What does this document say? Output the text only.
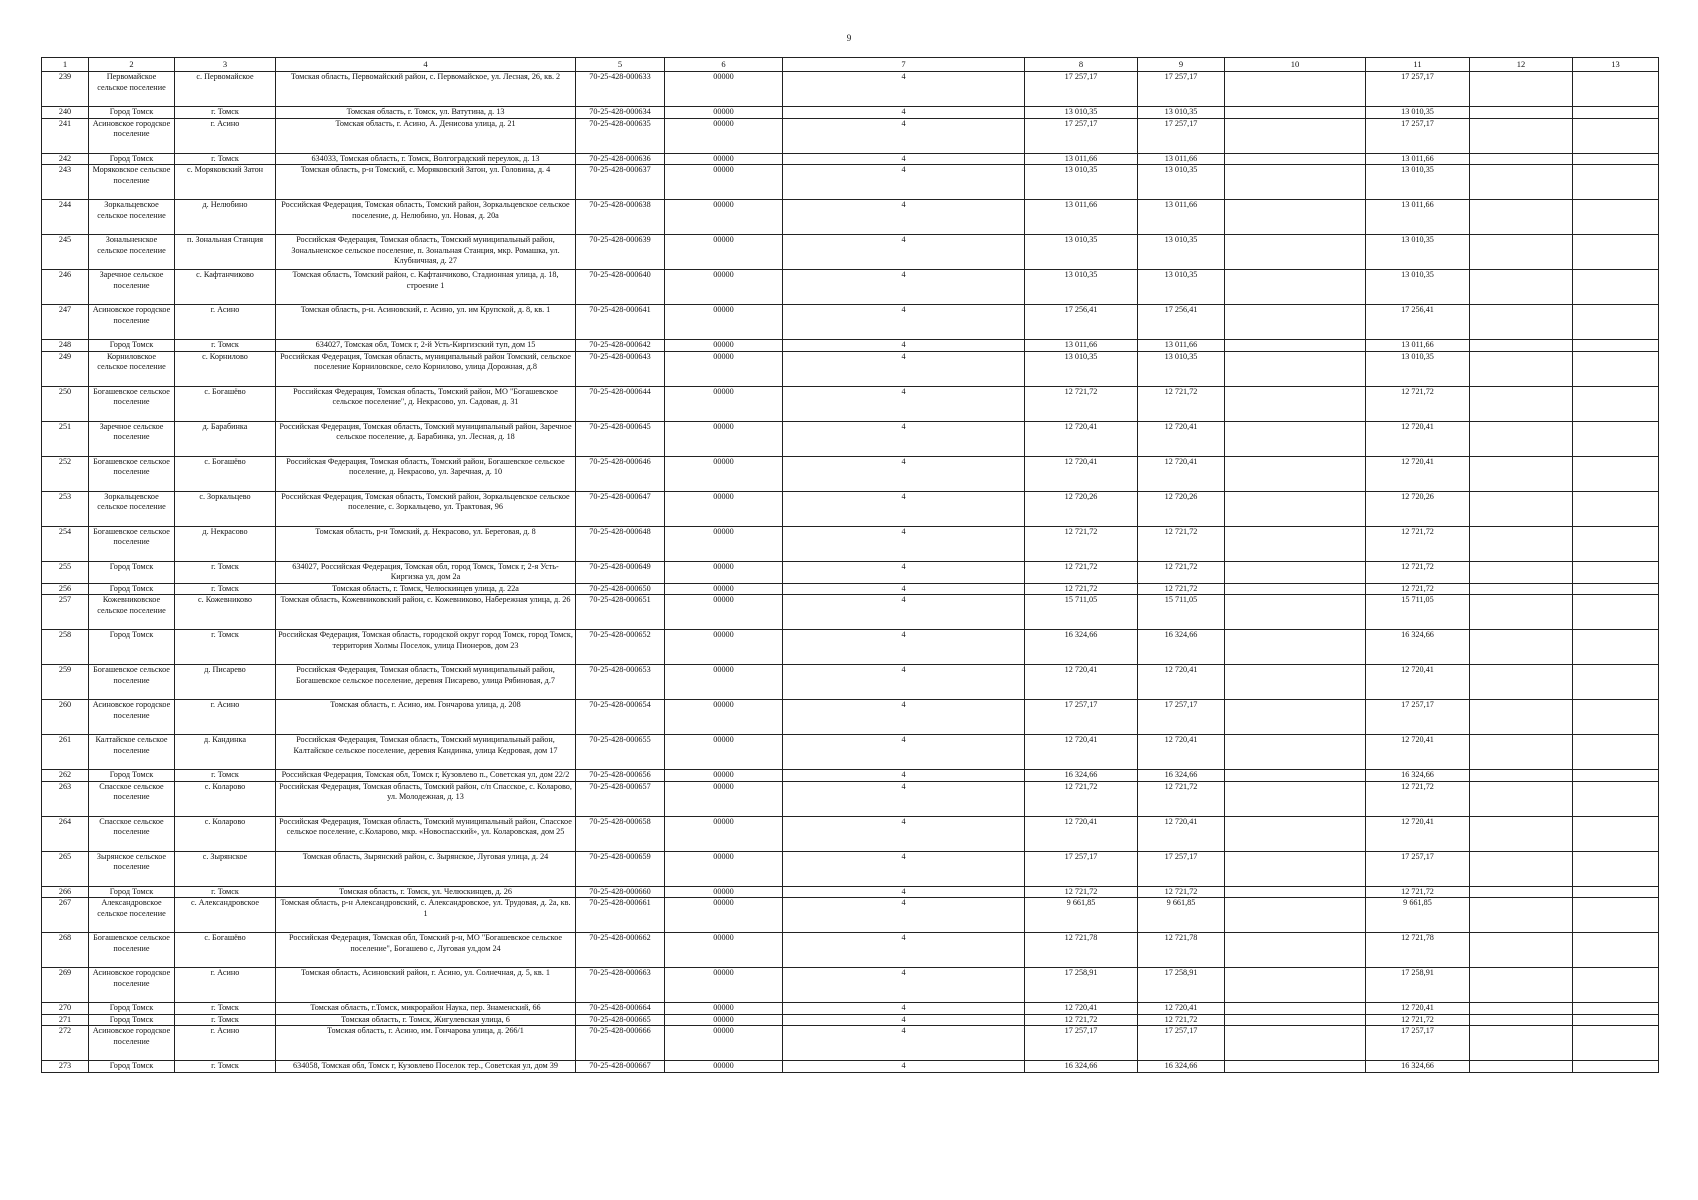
9
1	2	3	4	5	6	7	8	9	10	11	12	13
239	Первомайское сельское поселение	с. Первомайское	Томская область, Первомайский район, с. Первомайское, ул. Лесная, 26, кв. 2	70-25-428-000633	00000	4	17 257,17	17 257,17		17 257,17		
240	Город Томск	г. Томск	Томская область, г. Томск, ул. Ватутина, д. 13	70-25-428-000634	00000	4	13 010,35	13 010,35		13 010,35		
241	Асиновское городское поселение	г. Асино	Томская область, г. Асино, А. Денисова улица, д. 21	70-25-428-000635	00000	4	17 257,17	17 257,17		17 257,17		
242	Город Томск	г. Томск	634033, Томская область, г. Томск, Волгоградский переулок, д. 13	70-25-428-000636	00000	4	13 011,66	13 011,66		13 011,66		
243	Моряковское сельское поселение	с. Моряковский Затон	Томская область, р-н Томский, с. Моряковский Затон, ул. Головина, д. 4	70-25-428-000637	00000	4	13 010,35	13 010,35		13 010,35		
244	Зоркальцевское сельское поселение	д. Нелюбино	Российская Федерация, Томская область, Томский район, Зоркальцевское сельское поселение, д. Нелюбино, ул. Новая, д. 20а	70-25-428-000638	00000	4	13 011,66	13 011,66		13 011,66		
245	Зональненское сельское поселение	п. Зональная Станция	Российская Федерация, Томская область, Томский муниципальный район, Зональненское сельское поселение, п. Зональная Станция, мкр. Ромашка, ул. Клубничная, д. 27	70-25-428-000639	00000	4	13 010,35	13 010,35		13 010,35		
246	Заречное сельское поселение	с. Кафтанчиково	Томская область, Томский район, с. Кафтанчиково, Стадионная улица, д. 18, строение 1	70-25-428-000640	00000	4	13 010,35	13 010,35		13 010,35		
247	Асиновское городское поселение	г. Асино	Томская область, р-н. Асиновский, г. Асино, ул. им Крупской, д. 8, кв. 1	70-25-428-000641	00000	4	17 256,41	17 256,41		17 256,41		
248	Город Томск	г. Томск	634027, Томская обл, Томск г, 2-й Усть-Киргизский туп, дом 15	70-25-428-000642	00000	4	13 011,66	13 011,66		13 011,66		
249	Корниловское сельское поселение	с. Корнилово	Российская Федерация, Томская область, муниципальный район Томский, сельское поселение Корниловское, село Корнилово, улица Дорожная, д.8	70-25-428-000643	00000	4	13 010,35	13 010,35		13 010,35		
250	Богашевское сельское поселение	с. Богашёво	Российская Федерация, Томская область, Томский район, МО "Богашевское сельское поселение", д. Некрасово, ул. Садовая, д. 31	70-25-428-000644	00000	4	12 721,72	12 721,72		12 721,72		
251	Заречное сельское поселение	д. Барабинка	Российская Федерация, Томская область, Томский муниципальный район, Заречное сельское поселение, д. Барабинка, ул. Лесная, д. 18	70-25-428-000645	00000	4	12 720,41	12 720,41		12 720,41		
252	Богашевское сельское поселение	с. Богашёво	Российская Федерация, Томская область, Томский район, Богашевское сельское поселение, д. Некрасово, ул. Заречная, д. 10	70-25-428-000646	00000	4	12 720,41	12 720,41		12 720,41		
253	Зоркальцевское сельское поселение	с. Зоркальцево	Российская Федерация, Томская область, Томский район, Зоркальцевское сельское поселение, с. Зоркальцево, ул. Трактовая, 96	70-25-428-000647	00000	4	12 720,26	12 720,26		12 720,26		
254	Богашевское сельское поселение	д. Некрасово	Томская область, р-н Томский, д. Некрасово, ул. Береговая, д. 8	70-25-428-000648	00000	4	12 721,72	12 721,72		12 721,72		
255	Город Томск	г. Томск	634027, Российская Федерация, Томская обл, город Томск, Томск г, 2-я Усть-Киргизка ул, дом 2а	70-25-428-000649	00000	4	12 721,72	12 721,72		12 721,72		
256	Город Томск	г. Томск	Томская область, г. Томск, Челюскинцев улица, д. 22а	70-25-428-000650	00000	4	12 721,72	12 721,72		12 721,72		
257	Кожевниковское сельское поселение	с. Кожевниково	Томская область, Кожевниковский район, с. Кожевниково, Набережная улица, д. 26	70-25-428-000651	00000	4	15 711,05	15 711,05		15 711,05		
258	Город Томск	г. Томск	Российская Федерация, Томская область, городской округ город Томск, город Томск, территория Холмы Поселок, улица Пионеров, дом 23	70-25-428-000652	00000	4	16 324,66	16 324,66		16 324,66		
259	Богашевское сельское поселение	д. Писарево	Российская Федерация, Томская область, Томский муниципальный район, Богашевское сельское поселение, деревня Писарево, улица Рябиновая, д.7	70-25-428-000653	00000	4	12 720,41	12 720,41		12 720,41		
260	Асиновское городское поселение	г. Асино	Томская область, г. Асино, им. Гончарова улица, д. 208	70-25-428-000654	00000	4	17 257,17	17 257,17		17 257,17		
261	Калтайское сельское поселение	д. Кандинка	Российская Федерация, Томская область, Томский муниципальный район, Калтайское сельское поселение, деревня Кандинка, улица Кедровая, дом 17	70-25-428-000655	00000	4	12 720,41	12 720,41		12 720,41		
262	Город Томск	г. Томск	Российская Федерация, Томская обл, Томск г, Кузовлево п., Советская ул, дом 22/2	70-25-428-000656	00000	4	16 324,66	16 324,66		16 324,66		
263	Спасское сельское поселение	с. Коларово	Российская Федерация, Томская область, Томский район, с/п Спасское, с. Коларово, ул. Молодежная, д. 13	70-25-428-000657	00000	4	12 721,72	12 721,72		12 721,72		
264	Спасское сельское поселение	с. Коларово	Российская Федерация, Томская область, Томский муниципальный район, Спасское сельское поселение, с.Коларово, мкр. «Новоспасский», ул. Коларовская, дом 25	70-25-428-000658	00000	4	12 720,41	12 720,41		12 720,41		
265	Зырянское сельское поселение	с. Зырянское	Томская область, Зырянский район, с. Зырянское, Луговая улица, д. 24	70-25-428-000659	00000	4	17 257,17	17 257,17		17 257,17		
266	Город Томск	г. Томск	Томская область, г. Томск, ул. Челюскинцев, д. 26	70-25-428-000660	00000	4	12 721,72	12 721,72		12 721,72		
267	Александровское сельское поселение	с. Александровское	Томская область, р-н Александровский, с. Александровское, ул. Трудовая, д. 2а, кв. 1	70-25-428-000661	00000	4	9 661,85	9 661,85		9 661,85		
268	Богашевское сельское поселение	с. Богашёво	Российская Федерация, Томская обл, Томский р-н, МО "Богашевское сельское поселение", Богашево с, Луговая ул,дом 24	70-25-428-000662	00000	4	12 721,78	12 721,78		12 721,78		
269	Асиновское городское поселение	г. Асино	Томская область, Асиновский район, г. Асино, ул. Солнечная, д. 5, кв. 1	70-25-428-000663	00000	4	17 258,91	17 258,91		17 258,91		
270	Город Томск	г. Томск	Томская область, г.Томск, микрорайон Наука, пер. Знаменский, 66	70-25-428-000664	00000	4	12 720,41	12 720,41		12 720,41		
271	Город Томск	г. Томск	Томская область, г. Томск, Жигулевская улица, 6	70-25-428-000665	00000	4	12 721,72	12 721,72		12 721,72		
272	Асиновское городское поселение	г. Асино	Томская область, г. Асино, им. Гончарова улица, д. 266/1	70-25-428-000666	00000	4	17 257,17	17 257,17		17 257,17		
273	Город Томск	г. Томск	634058, Томская обл, Томск г, Кузовлево Поселок тер., Советская ул, дом 39	70-25-428-000667	00000	4	16 324,66	16 324,66		16 324,66		
